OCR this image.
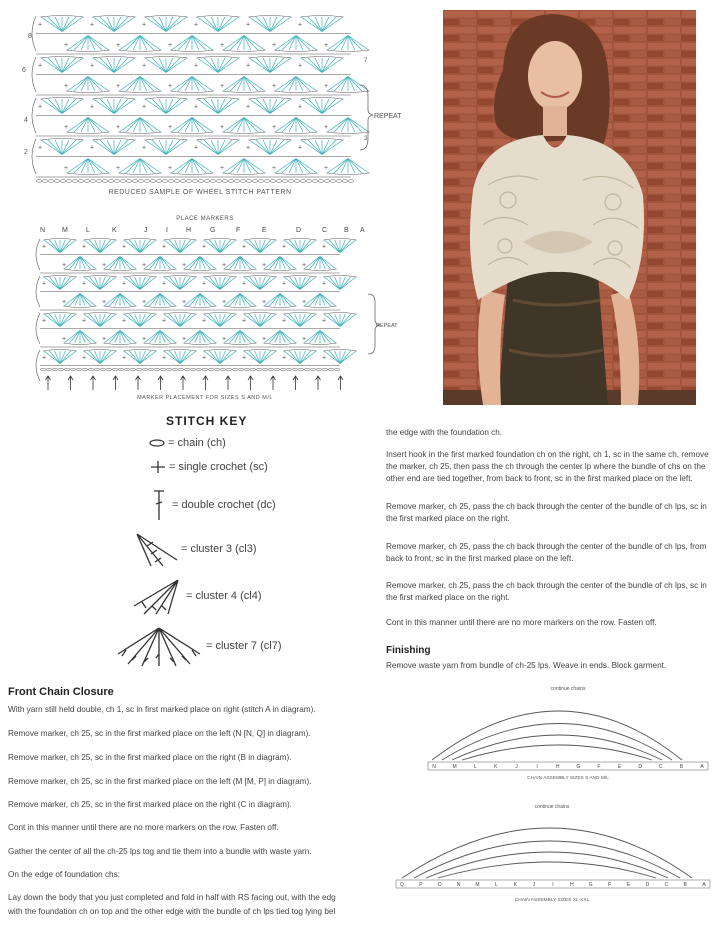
+	+	+	+	+	+
+	+	+	+	+	+
+	+	+	+	+	+
+	+	+	+	+	+
+	+	+	+	+	+
+	+	+	+	+	+
+	+	+	+	+	+
+	+	+	+	+	+
8
6
4
2
7
3
REPEAT
REDUCED SAMPLE OF WHEEL STITCH PATTERN
PLACE MARKERS
N M	L	K	J	I	H	G	F	E	D	C B A
+	+	+	+	+	+	+	+
+	+	+	+	+	+	+
+	+	+	+	+	+	+	+
+	+	+	+	+	+	+
+	+	+	+	+	+	+	+
+	+	+	+	+	+	+
+	+	+	+	+	+	+	+
REPEAT
MARKER PLACEMENT FOR SIZES S AND M/L
STITCH KEY
= chain (ch)
= single crochet (sc)
= double crochet (dc)
= cluster 3 (cl3)
= cluster 4 (cl4)
= cluster 7 (cl7)
Front Chain Closure
With yarn still held double, ch 1, sc in first marked place on right (stitch A in diagram).
Remove marker, ch 25, sc in the first marked place on the left (N [N, Q] in diagram).
Remove marker, ch 25, sc in the first marked place on the right (B in diagram).
Remove marker, ch 25, sc in the first marked place on the left (M [M, P] in diagram).
Remove marker, ch 25, sc in the first marked place on the right (C in diagram).
Cont in this manner until there are no more markers on the row. Fasten off.
Gather the center of all the ch-25 lps tog and tie them into a bundle with waste yarn.
On the edge of foundation chs:
Lay down the body that you just completed and fold in half with RS facing out, with the edg
with the foundation ch on top and the other edge with the bundle of ch lps tied tog lying bel
the edge with the foundation ch.
Insert hook in the first marked foundation ch on the right, ch 1, sc in the same ch, remove the marker, ch 25, then pass the ch through the center lp where the bundle of chs on the other end are tied together, from back to front, sc in the first marked place on the left.
Remove marker, ch 25, pass the ch back through the center of the bundle of ch lps, sc in the first marked place on the right.
Remove marker, ch 25, pass the ch back through the center of the bundle of ch lps, from back to front, sc in the first marked place on the left.
Remove marker, ch 25, pass the ch back through the center of the bundle of ch lps, sc in the first marked place on the right.
Cont in this manner until there are no more markers on the row. Fasten off.
Finishing
Remove waste yarn from bundle of ch-25 lps. Weave in ends. Block garment.
continue chains
N	M	L	K	J	I	H	G	F	E	D	C	B	A
CHAIN ASSEMBLY SIZES S AND M/L
continue chains
Q	P	O	N	M	L	K	J	I	H	G	F	E	D	C	B	A
CHAIN ASSEMBLY SIZES XL-XXL
